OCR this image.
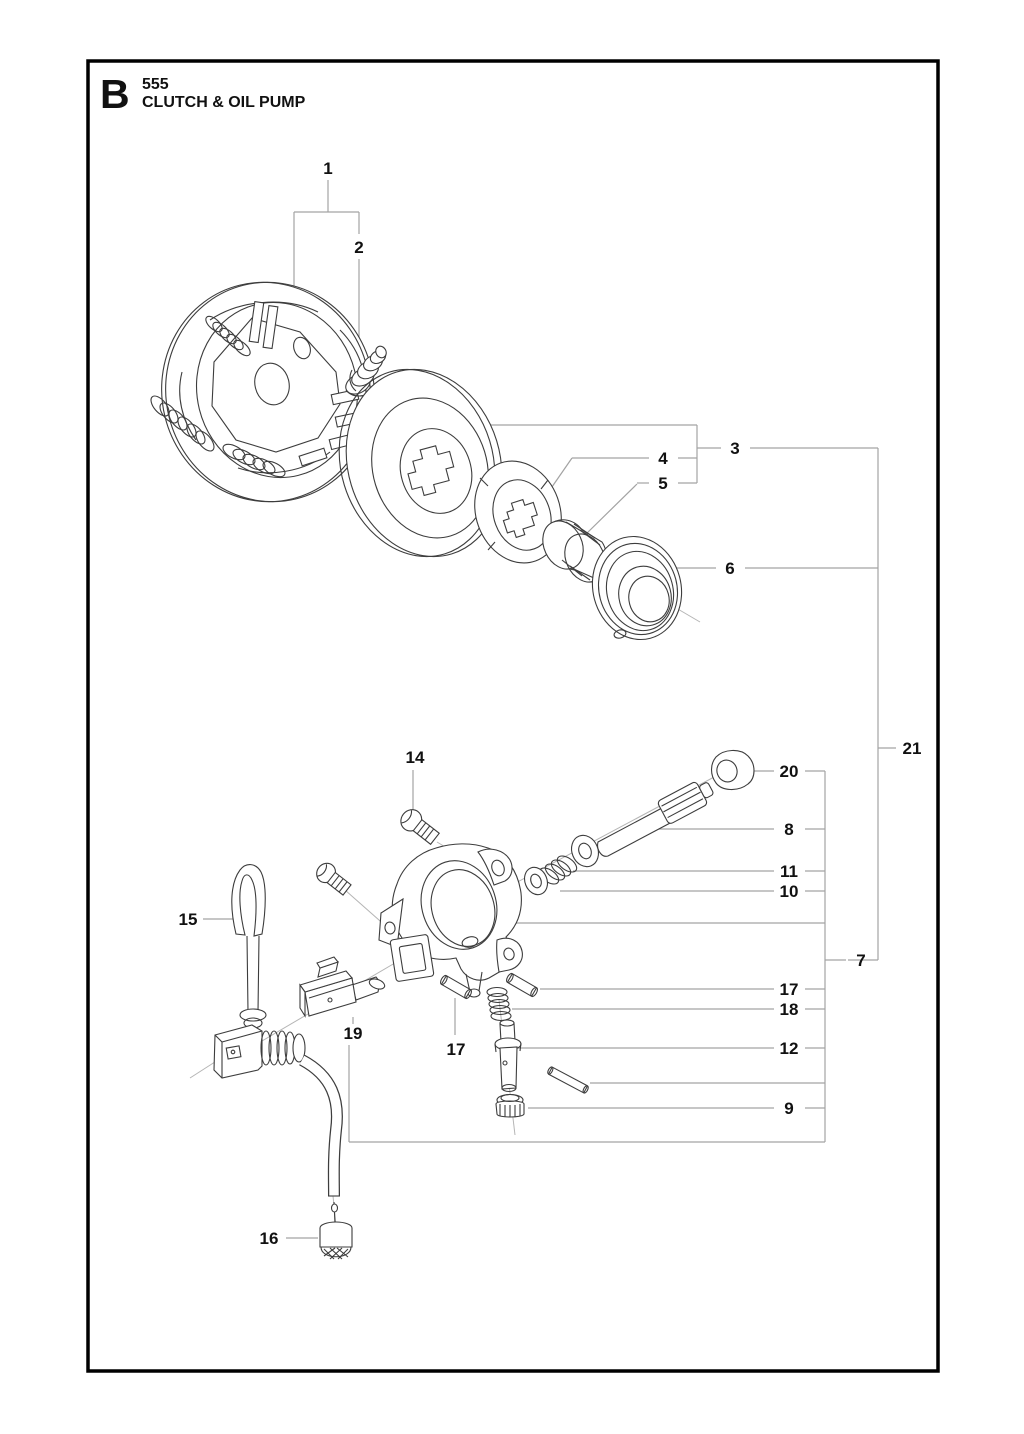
B 555
CLUTCH & OIL PUMP
1
2
3
4
5
6
7
8
9
10
11
12
14
15
16
17
17
18
19
20
21
